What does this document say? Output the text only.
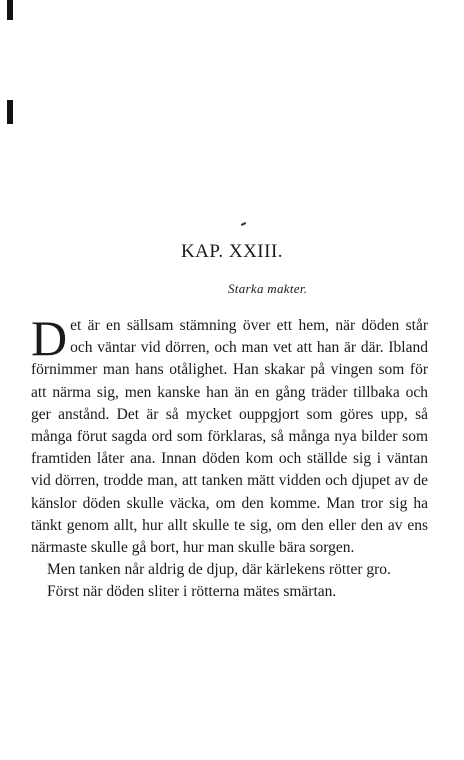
KAP. XXIII.
Starka makter.

Det är en sällsam stämning över ett hem, när döden står och väntar vid dörren, och man vet att han är där. Ibland förnimmer man hans otålighet. Han skakar på vingen som för att närma sig, men kanske han än en gång träder tillbaka och ger anstånd. Det är så mycket ouppgjort som göres upp, så många förut sagda ord som förklaras, så många nya bilder som framtiden låter ana. Innan döden kom och ställde sig i väntan vid dörren, trodde man, att tanken mätt vidden och djupet av de känslor döden skulle väcka, om den komme. Man tror sig ha tänkt genom allt, hur allt skulle te sig, om den eller den av ens närmaste skulle gå bort, hur man skulle bära sorgen.

Men tanken når aldrig de djup, där kärlekens rötter gro.

Först när döden sliter i rötterna mätes smärtan.
